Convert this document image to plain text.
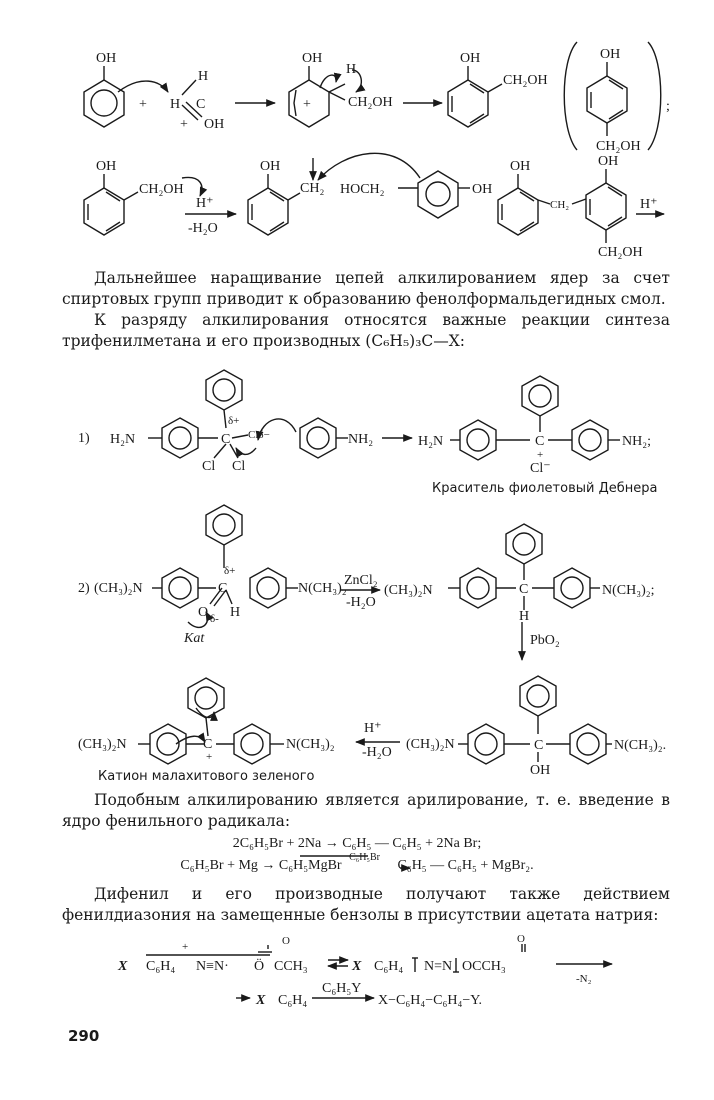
OH
+ H C
H
+ OH
OH
+
H
CH₂OH
OH
CH₂OH
OH
CH₂OH
;
OH
CH₂OH
H⁺
-H₂O
OH
CH₂ HOCH₂	OH
OH
CH₂
OH
CH₂OH
H⁺
1) H₂N
δ+
C Clδ−
Cl Cl
NH₂	H₂N	C
+
NH₂;
Cl⁻
Краситель фиолетовый Дебнера
2) (CH₃)₂N
δ+
C
O δ- H
Kat
N(CH₃)₂
ZnCl₂
-H₂O
(CH₃)₂N	C
H
N(CH₃)₂;
PbO₂
(CH₃)₂N	C
+
N(CH₃)₂
H⁺
-H₂O
(CH₃)₂N	C
OH
N(CH₃)₂.
Катион малахитового зеленого
X C₆H₄
+
N≡N· Ö
O
CCH₃	X C₆H₄ N=N
O
OCCH₃
-N₂
X C₆H₄
C₆H₅Y
X−C₆H₄−C₆H₄−Y.

Дальнейшее наращивание цепей алкилированием ядер за счет спиртовых групп приводит к образованию фенолформальдегидных смол.

К разряду алкилирования относятся важные реакции синтеза трифенилметана и его производных (C₆H₅)₃C—X:

Подобным алкилированию является арилирование, т. е. введение в ядро фенильного радикала:

2C₆H₅Br + 2Na → C₆H₅ — C₆H₅ + 2Na Br;
C₆H₅Br + Mg → C₆H₅MgBr $^{C_6H_5Br}$ C₆H₅ — C₆H₅ + MgBr₂.

Дифенил и его производные получают также действием фенилдиазония на замещенные бензолы в присутствии ацетата натрия:

290
